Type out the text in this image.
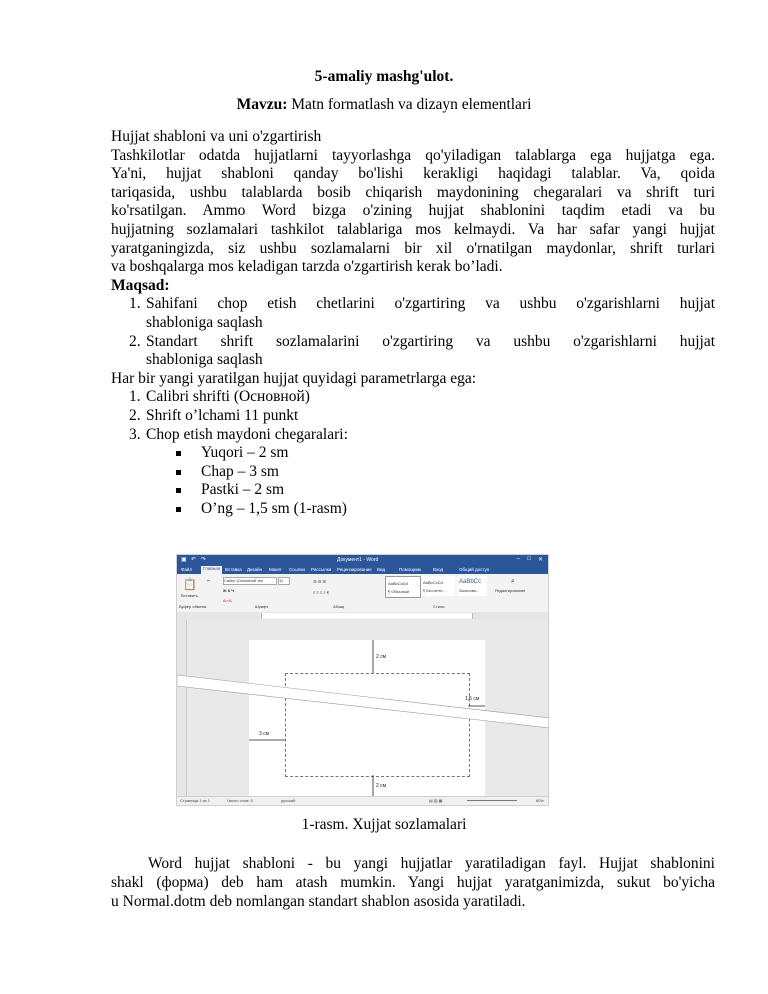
5-amaliy mashg'ulot.
Mavzu: Matn formatlash va dizayn elementlari
Hujjat shabloni va uni o'zgartirish
Tashkilotlar odatda hujjatlarni tayyorlashga qo'yiladigan talablarga ega hujjatga ega.
Ya'ni, hujjat shabloni qanday bo'lishi kerakligi haqidagi talablar. Va, qoida
tariqasida, ushbu talablarda bosib chiqarish maydonining chegaralari va shrift turi
ko'rsatilgan. Ammo Word bizga o'zining hujjat shablonini taqdim etadi va bu
hujjatning sozlamalari tashkilot talablariga mos kelmaydi. Va har safar yangi hujjat
yaratganingizda, siz ushbu sozlamalarni bir xil o'rnatilgan maydonlar, shrift turlari
va boshqalarga mos keladigan tarzda o'zgartirish kerak bo’ladi.
Maqsad:
1. Sahifani chop etish chetlarini o'zgartiring va ushbu o'zgarishlarni hujjat
shabloniga saqlash
2. Standart shrift sozlamalarini o'zgartiring va ushbu o'zgarishlarni hujjat
shabloniga saqlash
Har bir yangi yaratilgan hujjat quyidagi parametrlarga ega:
1. Calibri shrifti (Основной)
2. Shrift o’lchami 11 punkt
3. Chop etish maydoni chegaralari:
Yuqori – 2 sm
Chap – 3 sm
Pastki – 2 sm
O’ng – 1,5 sm (1-rasm)
▣ ↶ ↷	Документ1 - Word	– □ ✕
Файл	Главная	Вставка Дизайн Макет Ссылки Рассылки Рецензирование Вид	Помощник	Вход	Общий доступ
📋
Вставить
✂	Calibri (Основной тек	11
Ж К Ч
A ▪ A
☰ ☰ ☰
≡ ≡ ≡ ≡ ¶
AaBbCcDd
¶ Обычный
AaBbCcDd
¶ Без инте...
AaBbCc
Заголово...
⌕
Редактирование
Буфер обмена	Шрифт	Абзац	Стили
2 см
1,5 см
3 см
2 см
Страница 1 из 1	Число слов: 0	русский	▤ ▥ ▦	60%
1-rasm. Xujjat sozlamalari
Word hujjat shabloni - bu yangi hujjatlar yaratiladigan fayl. Hujjat shablonini
shakl (форма) deb ham atash mumkin. Yangi hujjat yaratganimizda, sukut bo'yicha
u Normal.dotm deb nomlangan standart shablon asosida yaratiladi.
